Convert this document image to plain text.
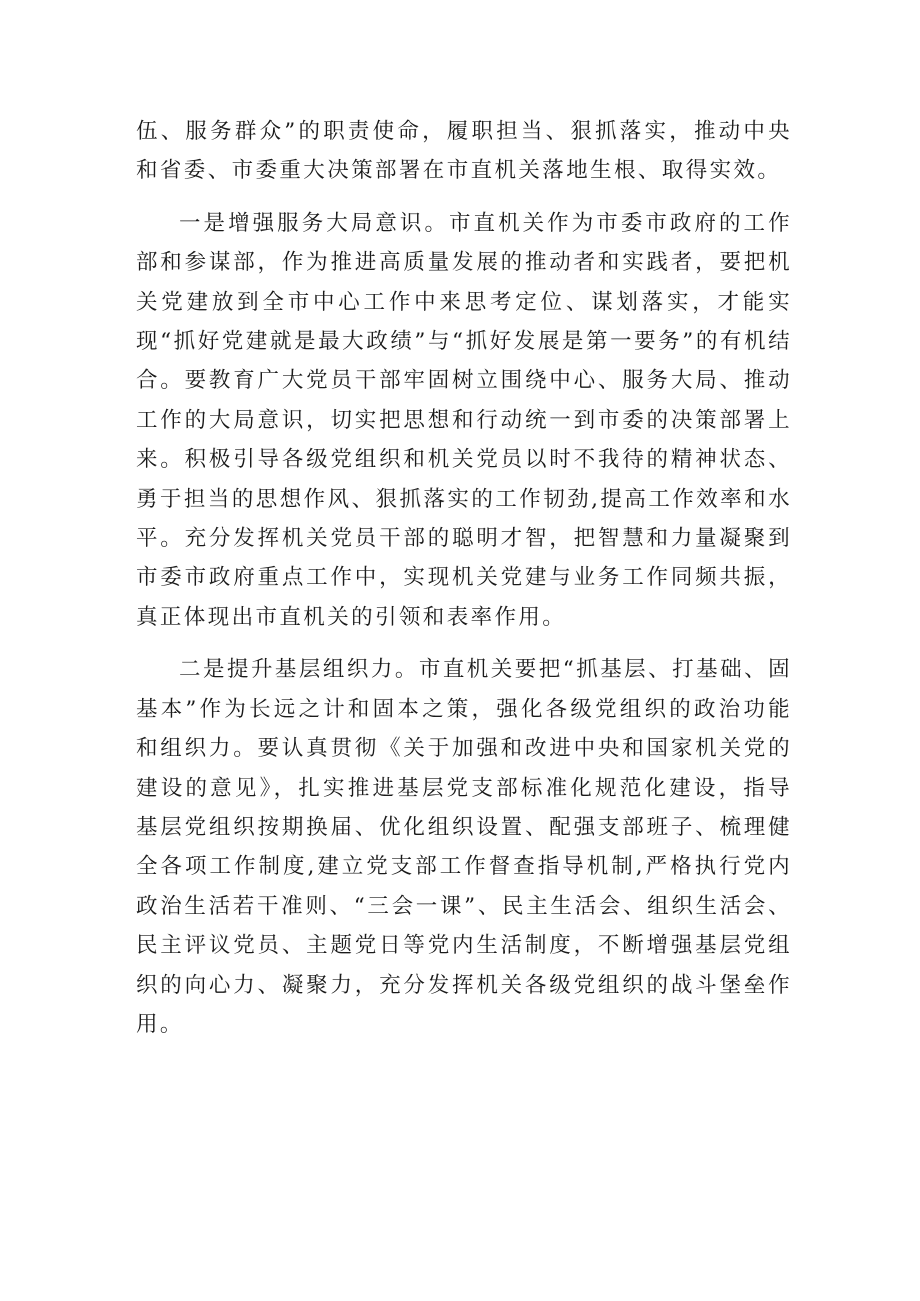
伍、服务群众”的职责使命，履职担当、狠抓落实，推动中央和省委、市委重大决策部署在市直机关落地生根、取得实效。

一是增强服务大局意识。市直机关作为市委市政府的工作部和参谋部，作为推进高质量发展的推动者和实践者，要把机关党建放到全市中心工作中来思考定位、谋划落实，才能实现“抓好党建就是最大政绩”与“抓好发展是第一要务”的有机结合。要教育广大党员干部牢固树立围绕中心、服务大局、推动工作的大局意识，切实把思想和行动统一到市委的决策部署上来。积极引导各级党组织和机关党员以时不我待的精神状态、勇于担当的思想作风、狠抓落实的工作韧劲,提高工作效率和水平。充分发挥机关党员干部的聪明才智，把智慧和力量凝聚到市委市政府重点工作中，实现机关党建与业务工作同频共振，真正体现出市直机关的引领和表率作用。

二是提升基层组织力。市直机关要把“抓基层、打基础、固基本”作为长远之计和固本之策，强化各级党组织的政治功能和组织力。要认真贯彻《关于加强和改进中央和国家机关党的建设的意见》，扎实推进基层党支部标准化规范化建设，指导基层党组织按期换届、优化组织设置、配强支部班子、梳理健全各项工作制度,建立党支部工作督查指导机制,严格执行党内政治生活若干准则、“三会一课”、民主生活会、组织生活会、民主评议党员、主题党日等党内生活制度，不断增强基层党组织的向心力、凝聚力，充分发挥机关各级党组织的战斗堡垒作用。
